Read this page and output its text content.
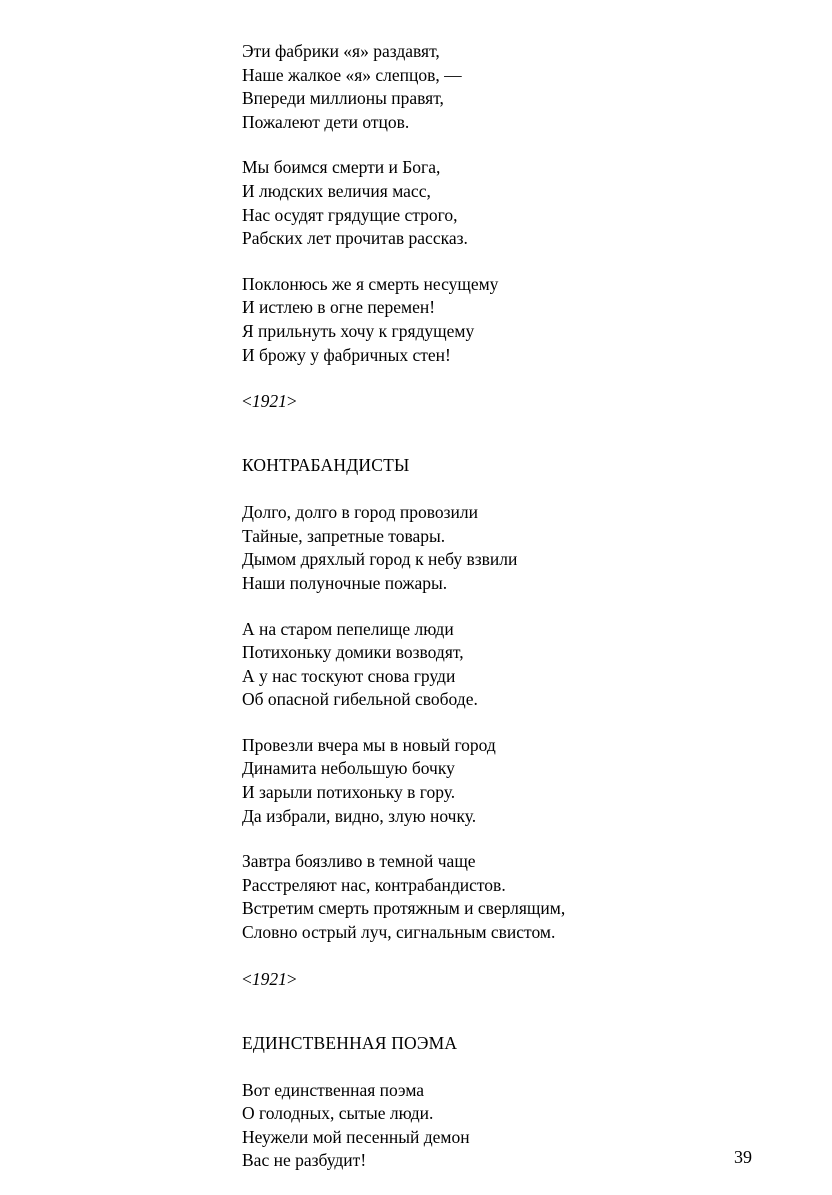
Эти фабрики «я» раздавят,
Наше жалкое «я» слепцов, —
Впереди миллионы правят,
Пожалеют дети отцов.
Мы боимся смерти и Бога,
И людских величия масс,
Нас осудят грядущие строго,
Рабских лет прочитав рассказ.
Поклонюсь же я смерть несущему
И истлею в огне перемен!
Я прильнуть хочу к грядущему
И брожу у фабричных стен!
<1921>
КОНТРАБАНДИСТЫ
Долго, долго в город провозили
Тайные, запретные товары.
Дымом дряхлый город к небу взвили
Наши полуночные пожары.
А на старом пепелище люди
Потихоньку домики возводят,
А у нас тоскуют снова груди
Об опасной гибельной свободе.
Провезли вчера мы в новый город
Динамита небольшую бочку
И зарыли потихоньку в гору.
Да избрали, видно, злую ночку.
Завтра боязливо в темной чаще
Расстреляют нас, контрабандистов.
Встретим смерть протяжным и сверлящим,
Словно острый луч, сигнальным свистом.
<1921>
ЕДИНСТВЕННАЯ ПОЭМА
Вот единственная поэма
О голодных, сытые люди.
Неужели мой песенный демон
Вас не разбудит!	39
